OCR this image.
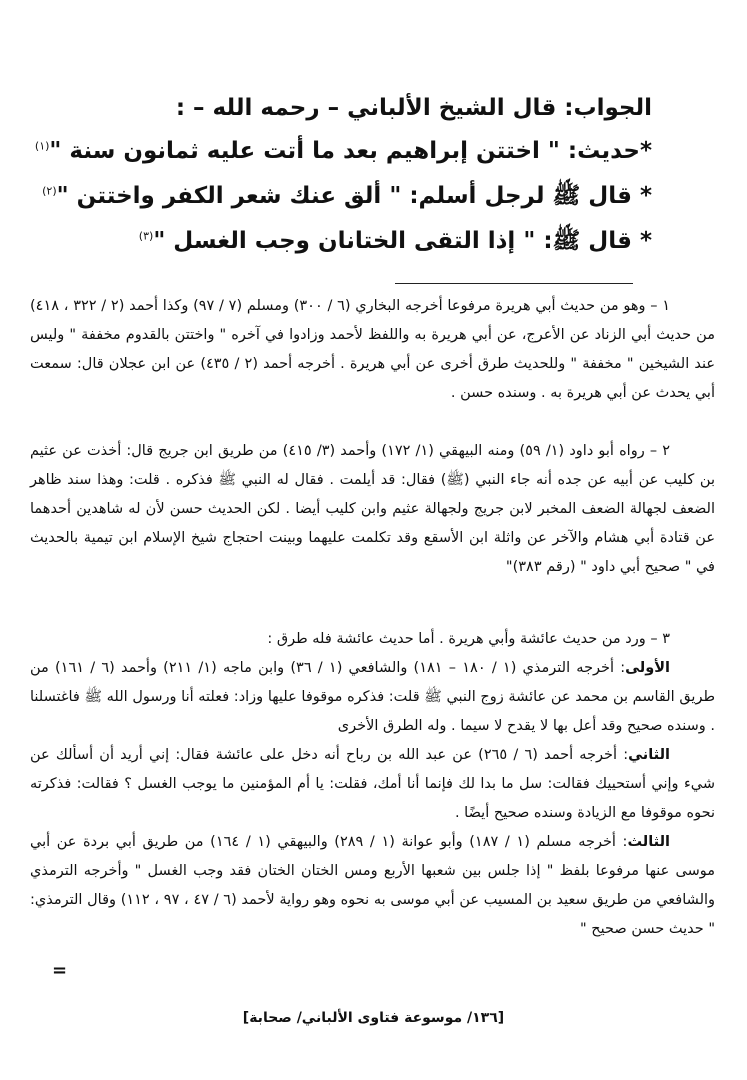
الجواب: قال الشيخ الألباني – رحمه الله – :
*حديث: " اختتن إبراهيم بعد ما أتت عليه ثمانون سنة "$^{(١)}$
* قال ﷺ لرجل أسلم: " ألق عنك شعر الكفر واختتن "$^{(٢)}$
* قال ﷺ: " إذا التقى الختانان وجب الغسل "$^{(٣)}$

١ – وهو من حديث أبي هريرة مرفوعا أخرجه البخاري (٦ / ٣٠٠) ومسلم (٧ / ٩٧) وكذا أحمد (٢ / ٣٢٢ ، ٤١٨) من حديث أبي الزناد عن الأعرج، عن أبي هريرة به واللفظ لأحمد وزادوا في آخره " واختتن بالقدوم مخففة " وليس عند الشيخين " مخففة " وللحديث طرق أخرى عن أبي هريرة . أخرجه أحمد (٢ / ٤٣٥) عن ابن عجلان قال: سمعت أبي يحدث عن أبي هريرة به . وسنده حسن .

٢ – رواه أبو داود (١/ ٥٩) ومنه البيهقي (١/ ١٧٢) وأحمد (٣/ ٤١٥) من طريق ابن جريج قال: أخذت عن عثيم بن كليب عن أبيه عن جده أنه جاء النبي (ﷺ) فقال: قد أيلمت . فقال له النبي ﷺ فذكره . قلت: وهذا سند ظاهر الضعف لجهالة الضعف المخبر لابن جريج ولجهالة عثيم وابن كليب أيضا . لكن الحديث حسن لأن له شاهدين أحدهما عن قتادة أبي هشام والآخر عن واثلة ابن الأسقع وقد تكلمت عليهما وبينت احتجاج شيخ الإسلام ابن تيمية بالحديث في " صحيح أبي داود " (رقم ٣٨٣)"

٣ – ورد من حديث عائشة وأبي هريرة . أما حديث عائشة فله طرق :

الأولى: أخرجه الترمذي (١ / ١٨٠ – ١٨١) والشافعي (١ / ٣٦) وابن ماجه (١/ ٢١١) وأحمد (٦ / ١٦١) من طريق القاسم بن محمد عن عائشة زوج النبي ﷺ قلت: فذكره موقوفا عليها وزاد: فعلته أنا ورسول الله ﷺ فاغتسلنا . وسنده صحيح وقد أعل بها لا يقدح لا سيما . وله الطرق الأخرى

الثاني: أخرجه أحمد (٦ / ٢٦٥) عن عبد الله بن رباح أنه دخل على عائشة فقال: إني أريد أن أسألك عن شيء وإني أستحييك فقالت: سل ما بدا لك فإنما أنا أمك، فقلت: يا أم المؤمنين ما يوجب الغسل ؟ فقالت: فذكرته نحوه موقوفا مع الزيادة وسنده صحيح أيضًا .

الثالث: أخرجه مسلم (١ / ١٨٧) وأبو عوانة (١ / ٢٨٩) والبيهقي (١ / ١٦٤) من طريق أبي بردة عن أبي موسى عنها مرفوعا بلفظ " إذا جلس بين شعبها الأربع ومس الختان الختان فقد وجب الغسل " وأخرجه الترمذي والشافعي من طريق سعيد بن المسيب عن أبي موسى به نحوه وهو رواية لأحمد (٦ / ٤٧ ، ٩٧ ، ١١٢) وقال الترمذي: " حديث حسن صحيح "

=
[١٣٦/ موسوعة فتاوى الألباني/ صحابة]
